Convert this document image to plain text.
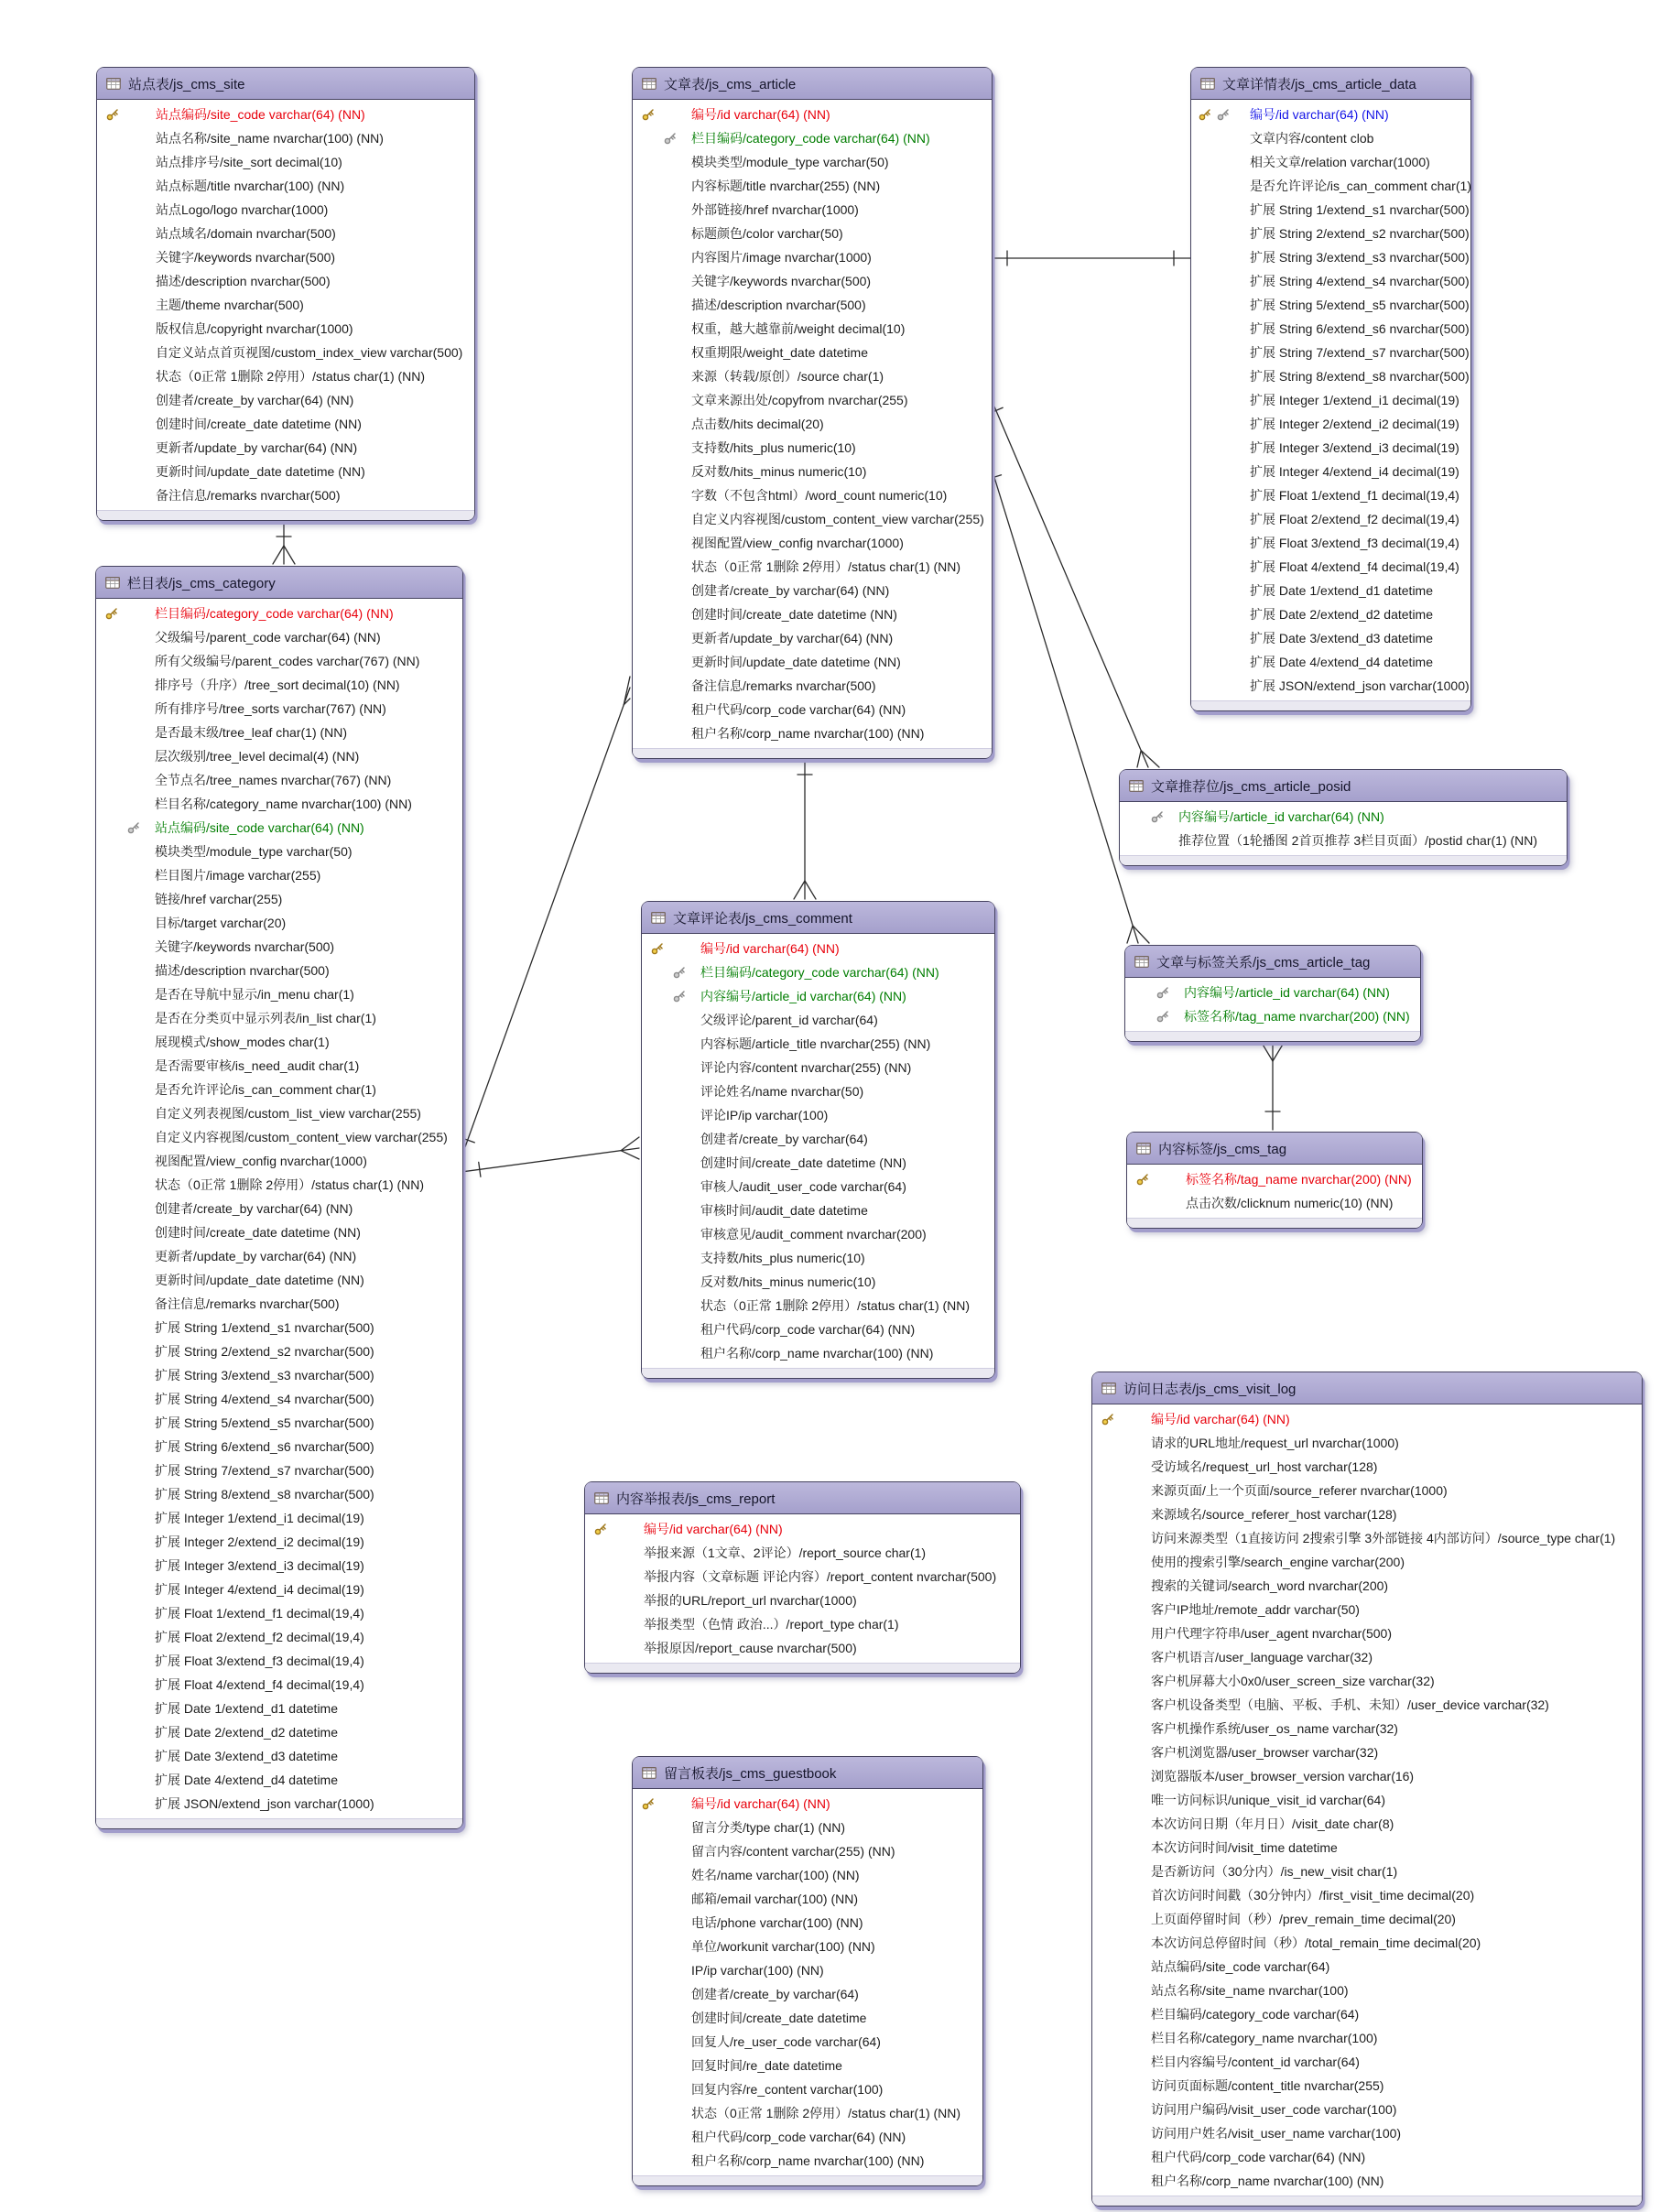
站点表/js_cms_site
站点编码/site_code varchar(64) (NN)
站点名称/site_name nvarchar(100) (NN)
站点排序号/site_sort decimal(10)
站点标题/title nvarchar(100) (NN)
站点Logo/logo nvarchar(1000)
站点域名/domain nvarchar(500)
关键字/keywords nvarchar(500)
描述/description nvarchar(500)
主题/theme nvarchar(500)
版权信息/copyright nvarchar(1000)
自定义站点首页视图/custom_index_view varchar(500)
状态（0正常 1删除 2停用）/status char(1) (NN)
创建者/create_by varchar(64) (NN)
创建时间/create_date datetime (NN)
更新者/update_by varchar(64) (NN)
更新时间/update_date datetime (NN)
备注信息/remarks nvarchar(500)
栏目表/js_cms_category
栏目编码/category_code varchar(64) (NN)
父级编号/parent_code varchar(64) (NN)
所有父级编号/parent_codes varchar(767) (NN)
排序号（升序）/tree_sort decimal(10) (NN)
所有排序号/tree_sorts varchar(767) (NN)
是否最末级/tree_leaf char(1) (NN)
层次级别/tree_level decimal(4) (NN)
全节点名/tree_names nvarchar(767) (NN)
栏目名称/category_name nvarchar(100) (NN)
站点编码/site_code varchar(64) (NN)
模块类型/module_type varchar(50)
栏目图片/image varchar(255)
链接/href varchar(255)
目标/target varchar(20)
关键字/keywords nvarchar(500)
描述/description nvarchar(500)
是否在导航中显示/in_menu char(1)
是否在分类页中显示列表/in_list char(1)
展现模式/show_modes char(1)
是否需要审核/is_need_audit char(1)
是否允许评论/is_can_comment char(1)
自定义列表视图/custom_list_view varchar(255)
自定义内容视图/custom_content_view varchar(255)
视图配置/view_config nvarchar(1000)
状态（0正常 1删除 2停用）/status char(1) (NN)
创建者/create_by varchar(64) (NN)
创建时间/create_date datetime (NN)
更新者/update_by varchar(64) (NN)
更新时间/update_date datetime (NN)
备注信息/remarks nvarchar(500)
扩展 String 1/extend_s1 nvarchar(500)
扩展 String 2/extend_s2 nvarchar(500)
扩展 String 3/extend_s3 nvarchar(500)
扩展 String 4/extend_s4 nvarchar(500)
扩展 String 5/extend_s5 nvarchar(500)
扩展 String 6/extend_s6 nvarchar(500)
扩展 String 7/extend_s7 nvarchar(500)
扩展 String 8/extend_s8 nvarchar(500)
扩展 Integer 1/extend_i1 decimal(19)
扩展 Integer 2/extend_i2 decimal(19)
扩展 Integer 3/extend_i3 decimal(19)
扩展 Integer 4/extend_i4 decimal(19)
扩展 Float 1/extend_f1 decimal(19,4)
扩展 Float 2/extend_f2 decimal(19,4)
扩展 Float 3/extend_f3 decimal(19,4)
扩展 Float 4/extend_f4 decimal(19,4)
扩展 Date 1/extend_d1 datetime
扩展 Date 2/extend_d2 datetime
扩展 Date 3/extend_d3 datetime
扩展 Date 4/extend_d4 datetime
扩展 JSON/extend_json varchar(1000)
文章表/js_cms_article
编号/id varchar(64) (NN)
栏目编码/category_code varchar(64) (NN)
模块类型/module_type varchar(50)
内容标题/title nvarchar(255) (NN)
外部链接/href nvarchar(1000)
标题颜色/color varchar(50)
内容图片/image nvarchar(1000)
关键字/keywords nvarchar(500)
描述/description nvarchar(500)
权重，越大越靠前/weight decimal(10)
权重期限/weight_date datetime
来源（转载/原创）/source char(1)
文章来源出处/copyfrom nvarchar(255)
点击数/hits decimal(20)
支持数/hits_plus numeric(10)
反对数/hits_minus numeric(10)
字数（不包含html）/word_count numeric(10)
自定义内容视图/custom_content_view varchar(255)
视图配置/view_config nvarchar(1000)
状态（0正常 1删除 2停用）/status char(1) (NN)
创建者/create_by varchar(64) (NN)
创建时间/create_date datetime (NN)
更新者/update_by varchar(64) (NN)
更新时间/update_date datetime (NN)
备注信息/remarks nvarchar(500)
租户代码/corp_code varchar(64) (NN)
租户名称/corp_name nvarchar(100) (NN)
文章详情表/js_cms_article_data
编号/id varchar(64) (NN)
文章内容/content clob
相关文章/relation varchar(1000)
是否允许评论/is_can_comment char(1)
扩展 String 1/extend_s1 nvarchar(500)
扩展 String 2/extend_s2 nvarchar(500)
扩展 String 3/extend_s3 nvarchar(500)
扩展 String 4/extend_s4 nvarchar(500)
扩展 String 5/extend_s5 nvarchar(500)
扩展 String 6/extend_s6 nvarchar(500)
扩展 String 7/extend_s7 nvarchar(500)
扩展 String 8/extend_s8 nvarchar(500)
扩展 Integer 1/extend_i1 decimal(19)
扩展 Integer 2/extend_i2 decimal(19)
扩展 Integer 3/extend_i3 decimal(19)
扩展 Integer 4/extend_i4 decimal(19)
扩展 Float 1/extend_f1 decimal(19,4)
扩展 Float 2/extend_f2 decimal(19,4)
扩展 Float 3/extend_f3 decimal(19,4)
扩展 Float 4/extend_f4 decimal(19,4)
扩展 Date 1/extend_d1 datetime
扩展 Date 2/extend_d2 datetime
扩展 Date 3/extend_d3 datetime
扩展 Date 4/extend_d4 datetime
扩展 JSON/extend_json varchar(1000)
文章推荐位/js_cms_article_posid
内容编号/article_id varchar(64) (NN)
推荐位置（1轮播图 2首页推荐 3栏目页面）/postid char(1) (NN)
文章与标签关系/js_cms_article_tag
内容编号/article_id varchar(64) (NN)
标签名称/tag_name nvarchar(200) (NN)
内容标签/js_cms_tag
标签名称/tag_name nvarchar(200) (NN)
点击次数/clicknum numeric(10) (NN)
文章评论表/js_cms_comment
编号/id varchar(64) (NN)
栏目编码/category_code varchar(64) (NN)
内容编号/article_id varchar(64) (NN)
父级评论/parent_id varchar(64)
内容标题/article_title nvarchar(255) (NN)
评论内容/content nvarchar(255) (NN)
评论姓名/name nvarchar(50)
评论IP/ip varchar(100)
创建者/create_by varchar(64)
创建时间/create_date datetime (NN)
审核人/audit_user_code varchar(64)
审核时间/audit_date datetime
审核意见/audit_comment nvarchar(200)
支持数/hits_plus numeric(10)
反对数/hits_minus numeric(10)
状态（0正常 1删除 2停用）/status char(1) (NN)
租户代码/corp_code varchar(64) (NN)
租户名称/corp_name nvarchar(100) (NN)
内容举报表/js_cms_report
编号/id varchar(64) (NN)
举报来源（1文章、2评论）/report_source char(1)
举报内容（文章标题 评论内容）/report_content nvarchar(500)
举报的URL/report_url nvarchar(1000)
举报类型（色情 政治...）/report_type char(1)
举报原因/report_cause nvarchar(500)
留言板表/js_cms_guestbook
编号/id varchar(64) (NN)
留言分类/type char(1) (NN)
留言内容/content varchar(255) (NN)
姓名/name varchar(100) (NN)
邮箱/email varchar(100) (NN)
电话/phone varchar(100) (NN)
单位/workunit varchar(100) (NN)
IP/ip varchar(100) (NN)
创建者/create_by varchar(64)
创建时间/create_date datetime
回复人/re_user_code varchar(64)
回复时间/re_date datetime
回复内容/re_content varchar(100)
状态（0正常 1删除 2停用）/status char(1) (NN)
租户代码/corp_code varchar(64) (NN)
租户名称/corp_name nvarchar(100) (NN)
访问日志表/js_cms_visit_log
编号/id varchar(64) (NN)
请求的URL地址/request_url nvarchar(1000)
受访域名/request_url_host varchar(128)
来源页面/上一个页面/source_referer nvarchar(1000)
来源域名/source_referer_host varchar(128)
访问来源类型（1直接访问 2搜索引擎 3外部链接 4内部访问）/source_type char(1)
使用的搜索引擎/search_engine varchar(200)
搜索的关键词/search_word nvarchar(200)
客户IP地址/remote_addr varchar(50)
用户代理字符串/user_agent nvarchar(500)
客户机语言/user_language varchar(32)
客户机屏幕大小0x0/user_screen_size varchar(32)
客户机设备类型（电脑、平板、手机、未知）/user_device varchar(32)
客户机操作系统/user_os_name varchar(32)
客户机浏览器/user_browser varchar(32)
浏览器版本/user_browser_version varchar(16)
唯一访问标识/unique_visit_id varchar(64)
本次访问日期（年月日）/visit_date char(8)
本次访问时间/visit_time datetime
是否新访问（30分内）/is_new_visit char(1)
首次访问时间戳（30分钟内）/first_visit_time decimal(20)
上页面停留时间（秒）/prev_remain_time decimal(20)
本次访问总停留时间（秒）/total_remain_time decimal(20)
站点编码/site_code varchar(64)
站点名称/site_name nvarchar(100)
栏目编码/category_code varchar(64)
栏目名称/category_name nvarchar(100)
栏目内容编号/content_id varchar(64)
访问页面标题/content_title nvarchar(255)
访问用户编码/visit_user_code varchar(100)
访问用户姓名/visit_user_name varchar(100)
租户代码/corp_code varchar(64) (NN)
租户名称/corp_name nvarchar(100) (NN)
